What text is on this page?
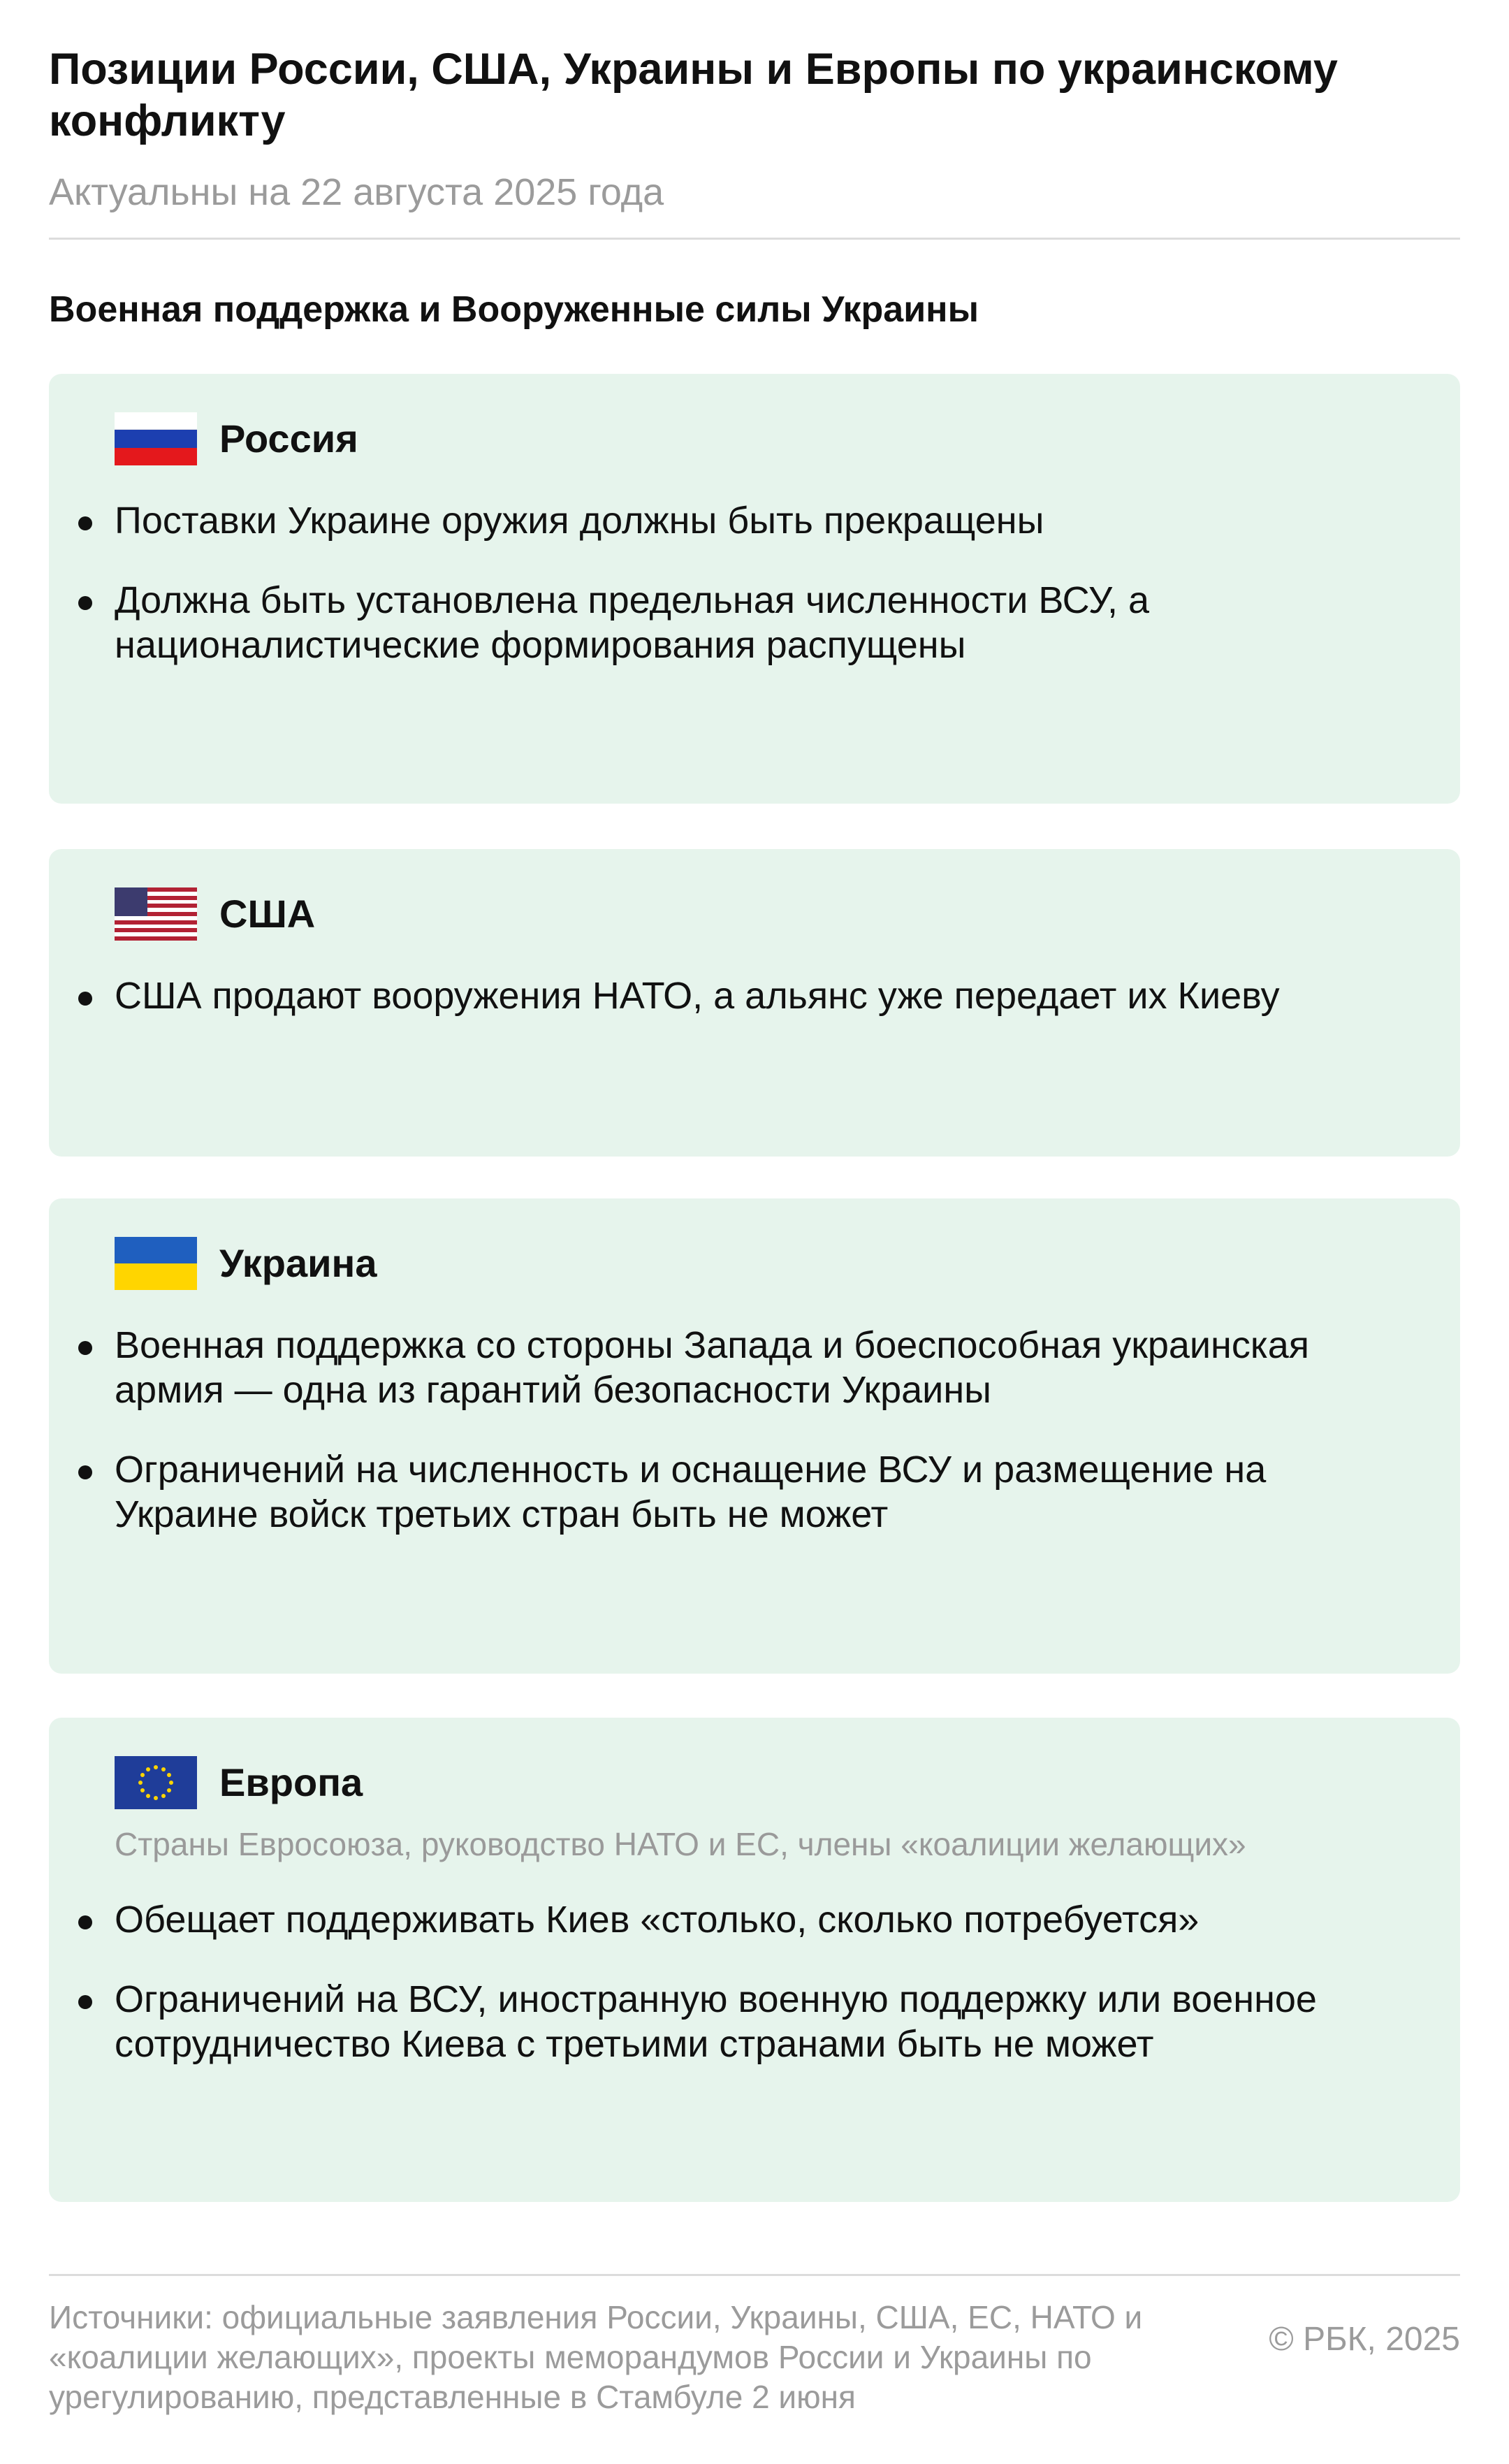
Позиции России, США, Украины и Европы по украинскому конфликту
Актуальны на 22 августа 2025 года
Военная поддержка и Вооруженные силы Украины
Россия
Поставки Украине оружия должны быть прекращены
Должна быть установлена предельная численности ВСУ, а националистические формирования распущены
США
США продают вооружения НАТО, а альянс уже передает их Киеву
Украина
Военная поддержка со стороны Запада и боеспособная украинская армия — одна из гарантий безопасности Украины
Ограничений на численность и оснащение ВСУ и размещение на Украине войск третьих стран быть не может
Европа
Страны Евросоюза, руководство НАТО и ЕС, члены «коалиции желающих»
Обещает поддерживать Киев «столько, сколько потребуется»
Ограничений на ВСУ, иностранную военную поддержку или военное сотрудничество Киева с третьими странами быть не может
Источники: официальные заявления России, Украины, США, ЕС, НАТО и «коалиции желающих», проекты меморандумов России и Украины по урегулированию, представленные в Стамбуле 2 июня
© РБК, 2025
